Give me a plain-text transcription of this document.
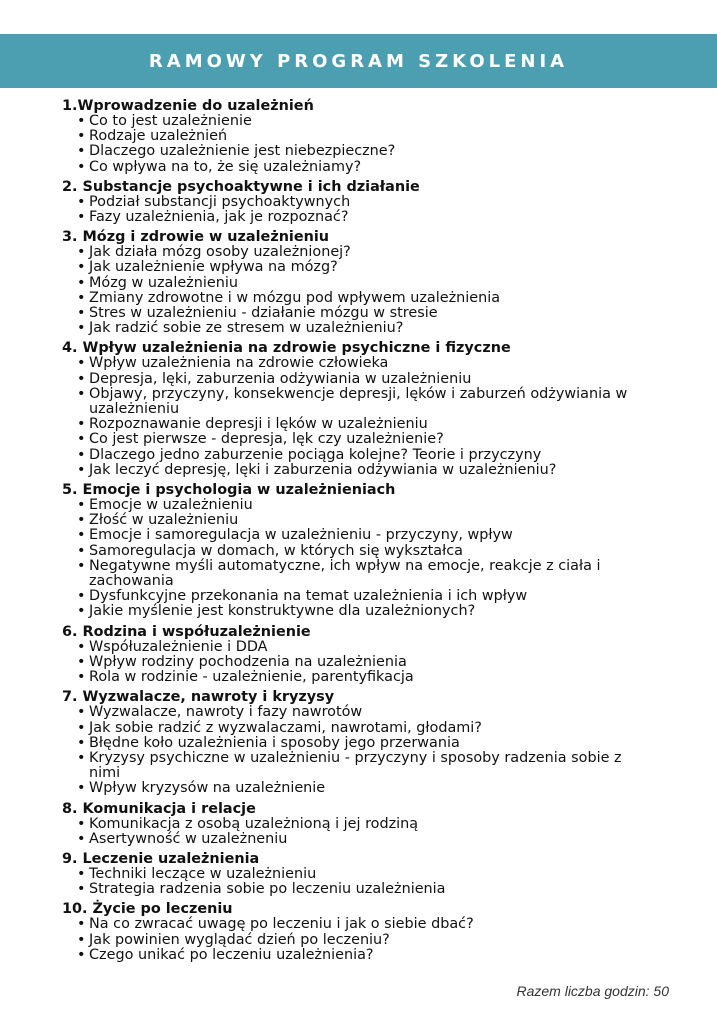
RAMOWY PROGRAM SZKOLENIA
1.Wprowadzenie do uzależnień
• Co to jest uzależnienie
• Rodzaje uzależnień
• Dlaczego uzależnienie jest niebezpieczne?
• Co wpływa na to, że się uzależniamy?
2. Substancje psychoaktywne i ich działanie
• Podział substancji psychoaktywnych
• Fazy uzależnienia, jak je rozpoznać?
3. Mózg i zdrowie w uzależnieniu
• Jak działa mózg osoby uzależnionej?
• Jak uzależnienie wpływa na mózg?
• Mózg w uzależnieniu
• Zmiany zdrowotne i w mózgu pod wpływem uzależnienia
• Stres w uzależnieniu - działanie mózgu w stresie
• Jak radzić sobie ze stresem w uzależnieniu?
4. Wpływ uzależnienia na zdrowie psychiczne i fizyczne
• Wpływ uzależnienia na zdrowie człowieka
• Depresja, lęki, zaburzenia odżywiania w uzależnieniu
• Objawy, przyczyny, konsekwencje depresji, lęków i zaburzeń odżywiania w uzależnieniu
• Rozpoznawanie depresji i lęków w uzależnieniu
• Co jest pierwsze - depresja, lęk czy uzależnienie?
• Dlaczego jedno zaburzenie pociąga kolejne? Teorie i przyczyny
• Jak leczyć depresję, lęki i zaburzenia odżywiania w uzależnieniu?
5. Emocje i psychologia w uzależnieniach
• Emocje w uzależnieniu
• Złość w uzależnieniu
• Emocje i samoregulacja w uzależnieniu - przyczyny, wpływ
• Samoregulacja w domach, w których się wykształca
• Negatywne myśli automatyczne, ich wpływ na emocje, reakcje z ciała i zachowania
• Dysfunkcyjne przekonania na temat uzależnienia i ich wpływ
• Jakie myślenie jest konstruktywne dla uzależnionych?
6. Rodzina i współuzależnienie
• Współuzależnienie i DDA
• Wpływ rodziny pochodzenia na uzależnienia
• Rola w rodzinie - uzależnienie, parentyfikacja
7. Wyzwalacze, nawroty i kryzysy
• Wyzwalacze, nawroty i fazy nawrotów
• Jak sobie radzić z wyzwalaczami, nawrotami, głodami?
• Błędne koło uzależnienia i sposoby jego przerwania
• Kryzysy psychiczne w uzależnieniu - przyczyny i sposoby radzenia sobie z nimi
• Wpływ kryzysów na uzależnienie
8. Komunikacja i relacje
• Komunikacja z osobą uzależnioną i jej rodziną
• Asertywność w uzależneniu
9. Leczenie uzależnienia
• Techniki leczące w uzależnieniu
• Strategia radzenia sobie po leczeniu uzależnienia
10. Życie po leczeniu
• Na co zwracać uwagę po leczeniu i jak o siebie dbać?
• Jak powinien wyglądać dzień po leczeniu?
• Czego unikać po leczeniu uzależnienia?
Razem liczba godzin: 50
